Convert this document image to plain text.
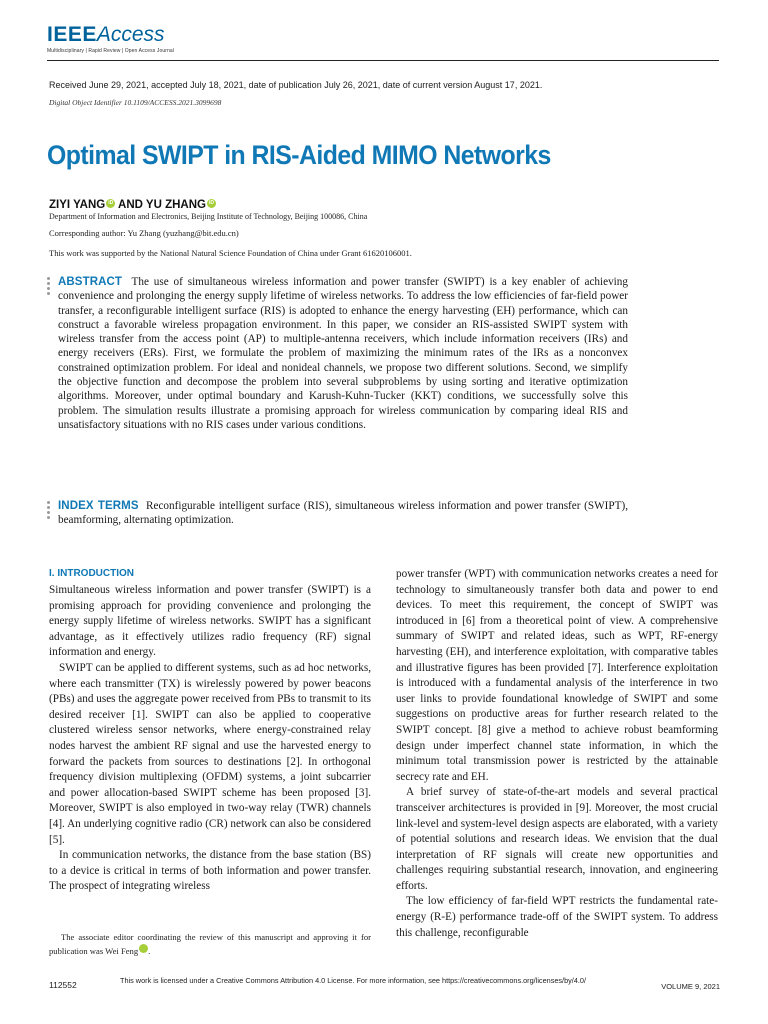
IEEEAccess
Multidisciplinary | Rapid Review | Open Access Journal
Received June 29, 2021, accepted July 18, 2021, date of publication July 26, 2021, date of current version August 17, 2021.
Digital Object Identifier 10.1109/ACCESS.2021.3099698
Optimal SWIPT in RIS-Aided MIMO Networks
ZIYI YANG iD AND YU ZHANG iD
Department of Information and Electronics, Beijing Institute of Technology, Beijing 100086, China
Corresponding author: Yu Zhang (yuzhang@bit.edu.cn)
This work was supported by the National Natural Science Foundation of China under Grant 61620106001.
ABSTRACT The use of simultaneous wireless information and power transfer (SWIPT) is a key enabler of achieving convenience and prolonging the energy supply lifetime of wireless networks. To address the low efficiencies of far-field power transfer, a reconfigurable intelligent surface (RIS) is adopted to enhance the energy harvesting (EH) performance, which can construct a favorable wireless propagation environment. In this paper, we consider an RIS-assisted SWIPT system with wireless transfer from the access point (AP) to multiple-antenna receivers, which include information receivers (IRs) and energy receivers (ERs). First, we formulate the problem of maximizing the minimum rates of the IRs as a nonconvex constrained optimization problem. For ideal and nonideal channels, we propose two different solutions. Second, we simplify the objective function and decompose the problem into several subproblems by using sorting and iterative optimization algorithms. Moreover, under optimal boundary and Karush-Kuhn-Tucker (KKT) conditions, we successfully solve this problem. The simulation results illustrate a promising approach for wireless communication by comparing ideal RIS and unsatisfactory situations with no RIS cases under various conditions.
INDEX TERMS Reconfigurable intelligent surface (RIS), simultaneous wireless information and power transfer (SWIPT), beamforming, alternating optimization.
I. INTRODUCTION

Simultaneous wireless information and power transfer (SWIPT) is a promising approach for providing convenience and prolonging the energy supply lifetime of wireless networks. SWIPT has a significant advantage, as it effectively utilizes radio frequency (RF) signal information and energy.

SWIPT can be applied to different systems, such as ad hoc networks, where each transmitter (TX) is wirelessly powered by power beacons (PBs) and uses the aggregate power received from PBs to transmit to its desired receiver [1]. SWIPT can also be applied to cooperative clustered wireless sensor networks, where energy-constrained relay nodes harvest the ambient RF signal and use the harvested energy to forward the packets from sources to destinations [2]. In orthogonal frequency division multiplexing (OFDM) systems, a joint subcarrier and power allocation-based SWIPT scheme has been proposed [3]. Moreover, SWIPT is also employed in two-way relay (TWR) channels [4]. An underlying cognitive radio (CR) network can also be considered [5].

In communication networks, the distance from the base station (BS) to a device is critical in terms of both information and power transfer. The prospect of integrating wireless

power transfer (WPT) with communication networks creates a need for technology to simultaneously transfer both data and power to end devices. To meet this requirement, the concept of SWIPT was introduced in [6] from a theoretical point of view. A comprehensive summary of SWIPT and related ideas, such as WPT, RF-energy harvesting (EH), and interference exploitation, with comparative tables and illustrative figures has been provided [7]. Interference exploitation is introduced with a fundamental analysis of the interference in two user links to provide foundational knowledge of SWIPT and some suggestions on productive areas for further research related to the SWIPT concept. [8] give a method to achieve robust beamforming design under imperfect channel state information, in which the minimum total transmission power is restricted by the attainable secrecy rate and EH.

A brief survey of state-of-the-art models and several practical transceiver architectures is provided in [9]. Moreover, the most crucial link-level and system-level design aspects are elaborated, with a variety of potential solutions and research ideas. We envision that the dual interpretation of RF signals will create new opportunities and challenges requiring substantial research, innovation, and engineering efforts.

The low efficiency of far-field WPT restricts the fundamental rate-energy (R-E) performance trade-off of the SWIPT system. To address this challenge, reconfigurable

The associate editor coordinating the review of this manuscript and approving it for publication was Wei Feng	iD.

112552	This work is licensed under a Creative Commons Attribution 4.0 License. For more information, see https://creativecommons.org/licenses/by/4.0/
VOLUME 9, 2021
